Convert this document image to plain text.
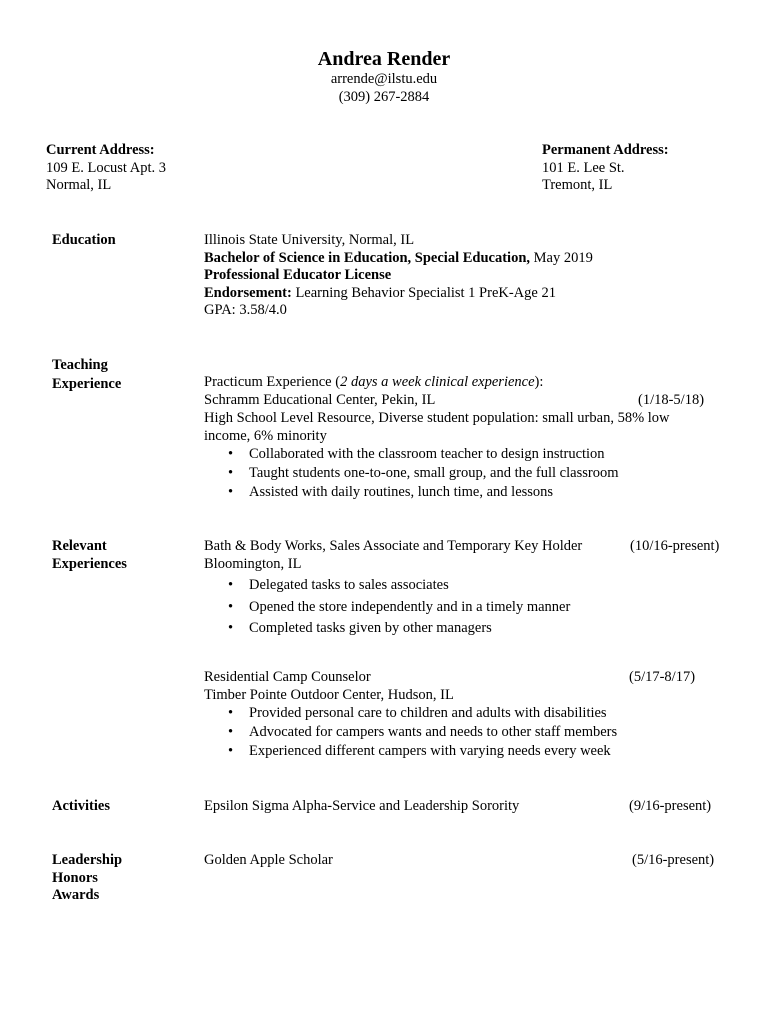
Andrea Render
arrende@ilstu.edu
(309) 267-2884
Current Address:
109 E. Locust Apt. 3
Normal, IL
Permanent Address:
101 E. Lee St.
Tremont, IL
Education	Illinois State University, Normal, IL
Bachelor of Science in Education, Special Education, May 2019
Professional Educator License
Endorsement: Learning Behavior Specialist 1 PreK-Age 21
GPA: 3.58/4.0
Teaching
Experience	Practicum Experience (2 days a week clinical experience):
Schramm Educational Center, Pekin, IL	(1/18-5/18)
High School Level Resource, Diverse student population: small urban, 58% low income, 6% minority
• Collaborated with the classroom teacher to design instruction
• Taught students one-to-one, small group, and the full classroom
• Assisted with daily routines, lunch time, and lessons
Relevant
Experiences
Bath & Body Works, Sales Associate and Temporary Key Holder	(10/16-present)
Bloomington, IL
• Delegated tasks to sales associates
• Opened the store independently and in a timely manner
• Completed tasks given by other managers
Residential Camp Counselor	(5/17-8/17)
Timber Pointe Outdoor Center, Hudson, IL
• Provided personal care to children and adults with disabilities
• Advocated for campers wants and needs to other staff members
• Experienced different campers with varying needs every week
Activities	Epsilon Sigma Alpha-Service and Leadership Sorority	(9/16-present)
Leadership
Honors
Awards
Golden Apple Scholar	(5/16-present)
